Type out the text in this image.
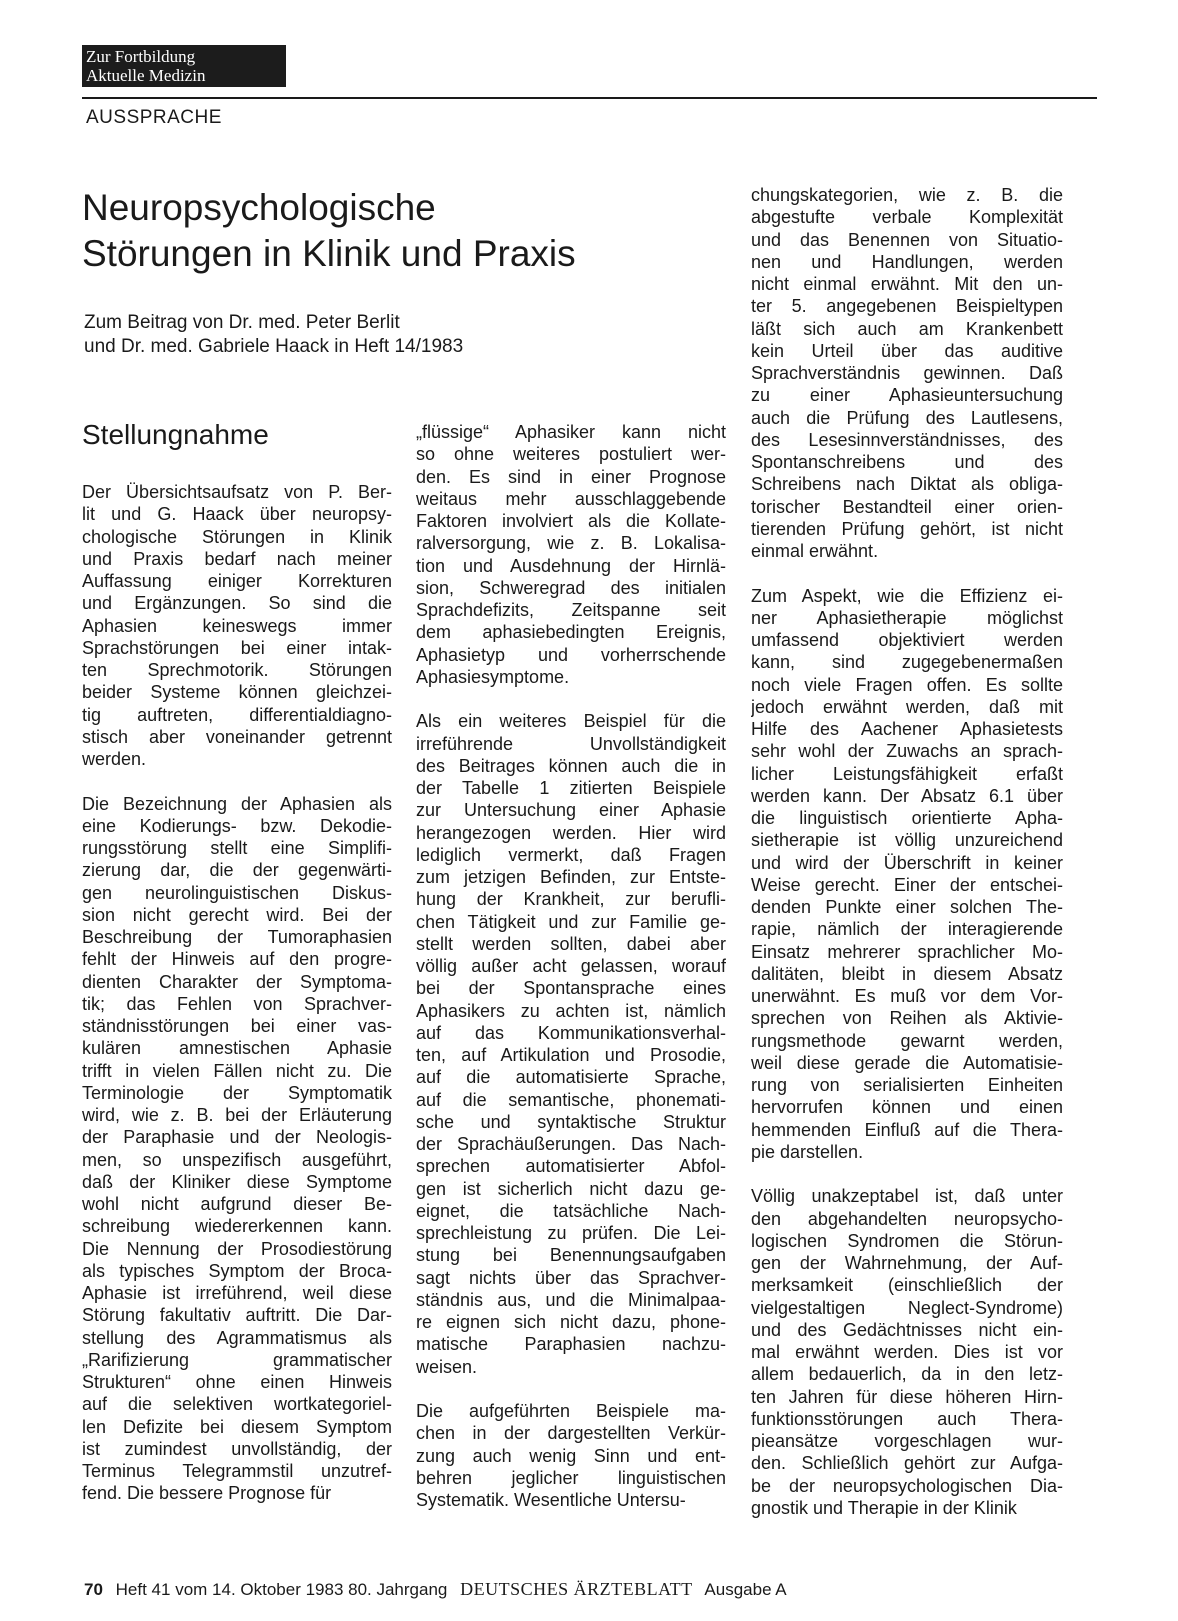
Zur Fortbildung
Aktuelle Medizin
AUSSPRACHE
Neuropsychologische
Störungen in Klinik und Praxis
Zum Beitrag von Dr. med. Peter Berlit
und Dr. med. Gabriele Haack in Heft 14/1983
Stellungnahme
Der Übersichtsaufsatz von P. Ber-
lit und G. Haack über neuropsy-
chologische Störungen in Klinik
und Praxis bedarf nach meiner
Auffassung einiger Korrekturen
und Ergänzungen. So sind die
Aphasien keineswegs immer
Sprachstörungen bei einer intak-
ten Sprechmotorik. Störungen
beider Systeme können gleichzei-
tig auftreten, differentialdiagno-
stisch aber voneinander getrennt
werden.
Die Bezeichnung der Aphasien als
eine Kodierungs- bzw. Dekodie-
rungsstörung stellt eine Simplifi-
zierung dar, die der gegenwärti-
gen neurolinguistischen Diskus-
sion nicht gerecht wird. Bei der
Beschreibung der Tumoraphasien
fehlt der Hinweis auf den progre-
dienten Charakter der Symptoma-
tik; das Fehlen von Sprachver-
ständnisstörungen bei einer vas-
kulären amnestischen Aphasie
trifft in vielen Fällen nicht zu. Die
Terminologie der Symptomatik
wird, wie z. B. bei der Erläuterung
der Paraphasie und der Neologis-
men, so unspezifisch ausgeführt,
daß der Kliniker diese Symptome
wohl nicht aufgrund dieser Be-
schreibung wiedererkennen kann.
Die Nennung der Prosodiestörung
als typisches Symptom der Broca-
Aphasie ist irreführend, weil diese
Störung fakultativ auftritt. Die Dar-
stellung des Agrammatismus als
„Rarifizierung grammatischer
Strukturen“ ohne einen Hinweis
auf die selektiven wortkategoriel-
len Defizite bei diesem Symptom
ist zumindest unvollständig, der
Terminus Telegrammstil unzutref-
fend. Die bessere Prognose für
„flüssige“ Aphasiker kann nicht
so ohne weiteres postuliert wer-
den. Es sind in einer Prognose
weitaus mehr ausschlaggebende
Faktoren involviert als die Kollate-
ralversorgung, wie z. B. Lokalisa-
tion und Ausdehnung der Hirnlä-
sion, Schweregrad des initialen
Sprachdefizits, Zeitspanne seit
dem aphasiebedingten Ereignis,
Aphasietyp und vorherrschende
Aphasiesymptome.
Als ein weiteres Beispiel für die
irreführende Unvollständigkeit
des Beitrages können auch die in
der Tabelle 1 zitierten Beispiele
zur Untersuchung einer Aphasie
herangezogen werden. Hier wird
lediglich vermerkt, daß Fragen
zum jetzigen Befinden, zur Entste-
hung der Krankheit, zur berufli-
chen Tätigkeit und zur Familie ge-
stellt werden sollten, dabei aber
völlig außer acht gelassen, worauf
bei der Spontansprache eines
Aphasikers zu achten ist, nämlich
auf das Kommunikationsverhal-
ten, auf Artikulation und Prosodie,
auf die automatisierte Sprache,
auf die semantische, phonemati-
sche und syntaktische Struktur
der Sprachäußerungen. Das Nach-
sprechen automatisierter Abfol-
gen ist sicherlich nicht dazu ge-
eignet, die tatsächliche Nach-
sprechleistung zu prüfen. Die Lei-
stung bei Benennungsaufgaben
sagt nichts über das Sprachver-
ständnis aus, und die Minimalpaa-
re eignen sich nicht dazu, phone-
matische Paraphasien nachzu-
weisen.
Die aufgeführten Beispiele ma-
chen in der dargestellten Verkür-
zung auch wenig Sinn und ent-
behren jeglicher linguistischen
Systematik. Wesentliche Untersu-
chungskategorien, wie z. B. die
abgestufte verbale Komplexität
und das Benennen von Situatio-
nen und Handlungen, werden
nicht einmal erwähnt. Mit den un-
ter 5. angegebenen Beispieltypen
läßt sich auch am Krankenbett
kein Urteil über das auditive
Sprachverständnis gewinnen. Daß
zu einer Aphasieuntersuchung
auch die Prüfung des Lautlesens,
des Lesesinnverständnisses, des
Spontanschreibens und des
Schreibens nach Diktat als obliga-
torischer Bestandteil einer orien-
tierenden Prüfung gehört, ist nicht
einmal erwähnt.
Zum Aspekt, wie die Effizienz ei-
ner Aphasietherapie möglichst
umfassend objektiviert werden
kann, sind zugegebenermaßen
noch viele Fragen offen. Es sollte
jedoch erwähnt werden, daß mit
Hilfe des Aachener Aphasietests
sehr wohl der Zuwachs an sprach-
licher Leistungsfähigkeit erfaßt
werden kann. Der Absatz 6.1 über
die linguistisch orientierte Apha-
sietherapie ist völlig unzureichend
und wird der Überschrift in keiner
Weise gerecht. Einer der entschei-
denden Punkte einer solchen The-
rapie, nämlich der interagierende
Einsatz mehrerer sprachlicher Mo-
dalitäten, bleibt in diesem Absatz
unerwähnt. Es muß vor dem Vor-
sprechen von Reihen als Aktivie-
rungsmethode gewarnt werden,
weil diese gerade die Automatisie-
rung von serialisierten Einheiten
hervorrufen können und einen
hemmenden Einfluß auf die Thera-
pie darstellen.
Völlig unakzeptabel ist, daß unter
den abgehandelten neuropsycho-
logischen Syndromen die Störun-
gen der Wahrnehmung, der Auf-
merksamkeit (einschließlich der
vielgestaltigen Neglect-Syndrome)
und des Gedächtnisses nicht ein-
mal erwähnt werden. Dies ist vor
allem bedauerlich, da in den letz-
ten Jahren für diese höheren Hirn-
funktionsstörungen auch Thera-
pieansätze vorgeschlagen wur-
den. Schließlich gehört zur Aufga-
be der neuropsychologischen Dia-
gnostik und Therapie in der Klinik
70 Heft 41 vom 14. Oktober 1983 80. Jahrgang DEUTSCHES ÄRZTEBLATT Ausgabe A
